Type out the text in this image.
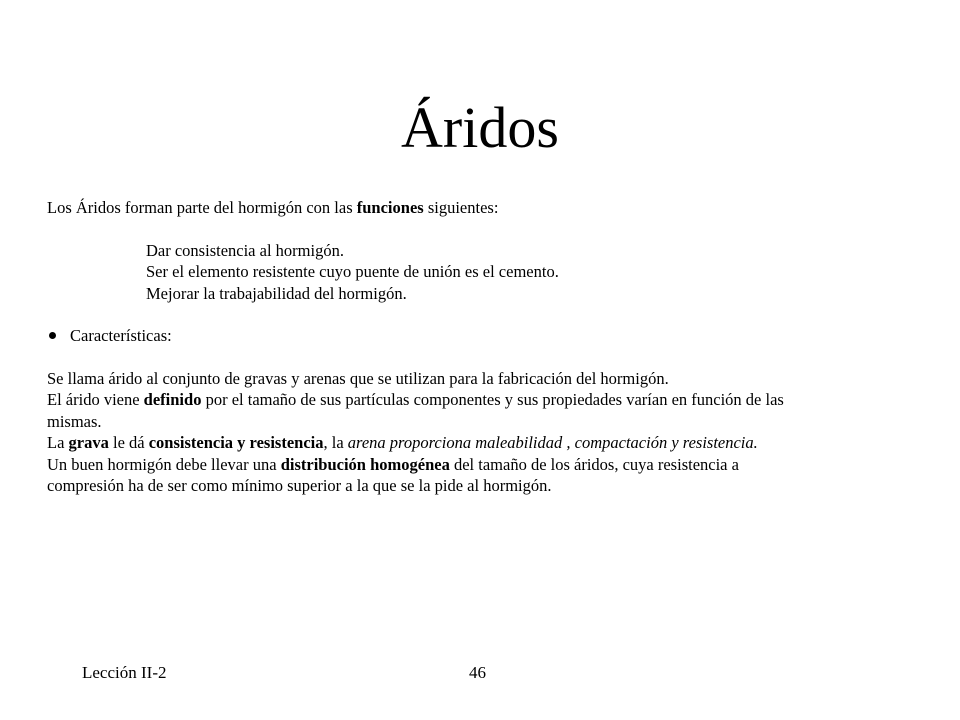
Áridos

Los Áridos forman parte del hormigón con las funciones siguientes:

Dar consistencia al hormigón.

Ser el elemento resistente cuyo puente de unión es el cemento.

Mejorar la trabajabilidad del hormigón.

Características:

Se llama árido al conjunto de gravas y arenas que se utilizan para la fabricación del hormigón.

El árido viene definido por el tamaño de sus partículas componentes y sus propiedades varían en función de las

mismas.

La grava le dá consistencia y resistencia, la arena proporciona maleabilidad , compactación y resistencia.

Un buen hormigón debe llevar una distribución homogénea del tamaño de los áridos, cuya resistencia a

compresión ha de ser como mínimo superior a la que se la pide al hormigón.

Lección II-2	46
